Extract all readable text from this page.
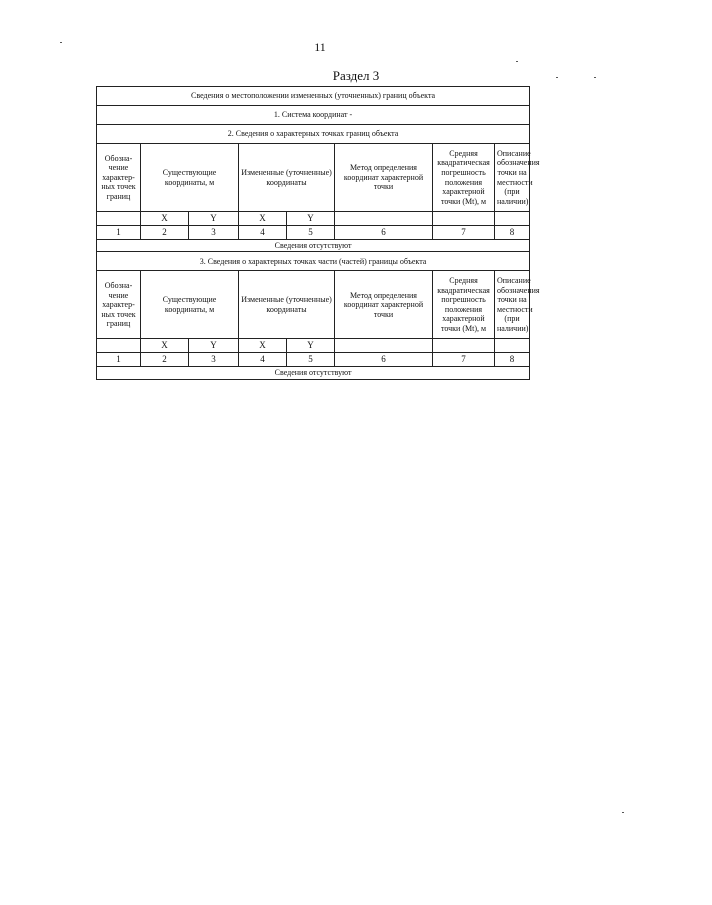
11
Раздел 3
Сведения о местоположении измененных (уточненных) границ объекта							
1. Система координат -							
2. Сведения о характерных точках границ объекта							
Обозна-чение характер-ных точек границ	Существующие координаты, м		Измененные (уточненные) координаты		Метод определения координат характерной точки	Средняя квадратическая погрешность положения характерной точки (Mt), м	Описание обозначения точки на местности (при наличии)
	X	Y	X	Y			
1	2	3	4	5	6	7	8
Сведения отсутствуют							
3. Сведения о характерных точках части (частей) границы объекта							
Обозна-чение характер-ных точек границ	Существующие координаты, м		Измененные (уточненные) координаты		Метод определения координат характерной точки	Средняя квадратическая погрешность положения характерной точки (Mt), м	Описание обозначения точки на местности (при наличии)
	X	Y	X	Y			
1	2	3	4	5	6	7	8
Сведения отсутствуют							
